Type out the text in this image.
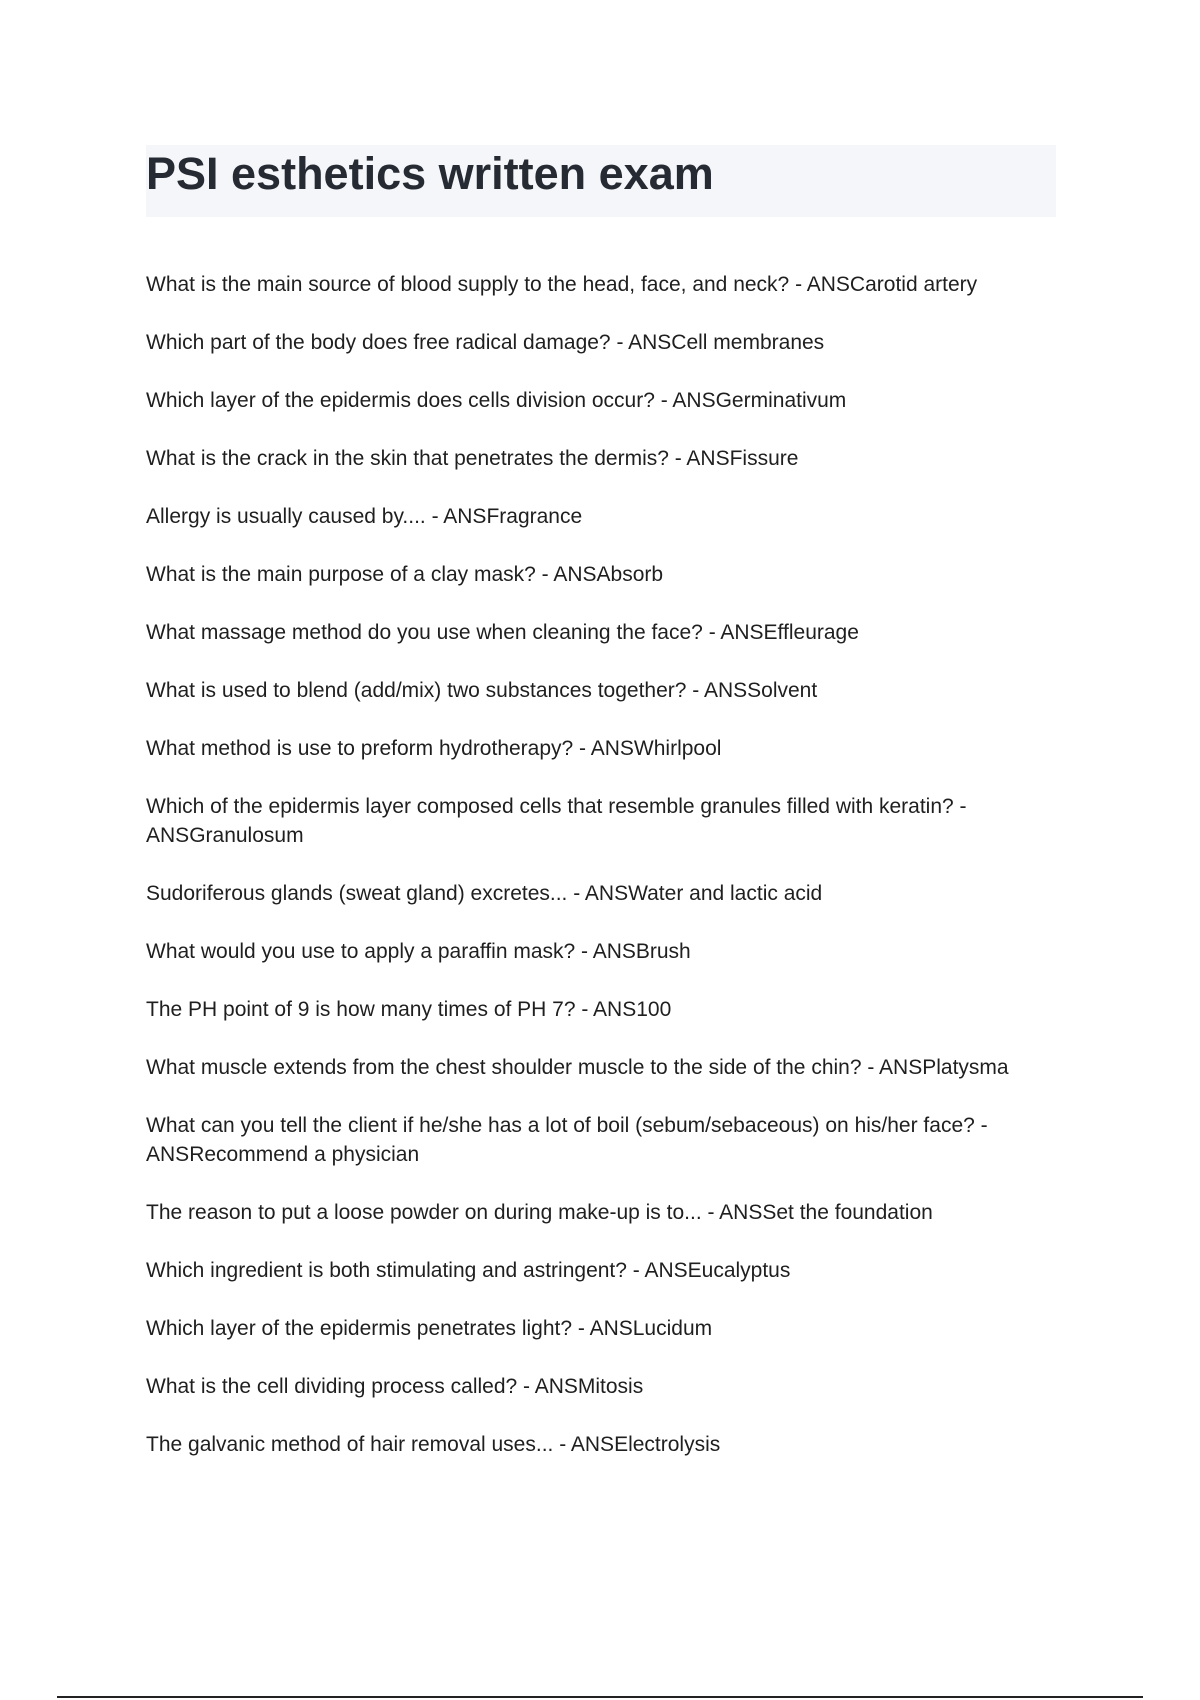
PSI esthetics written exam
What is the main source of blood supply to the head, face, and neck? - ANSCarotid artery
Which part of the body does free radical damage? - ANSCell membranes
Which layer of the epidermis does cells division occur? - ANSGerminativum
What is the crack in the skin that penetrates the dermis? - ANSFissure
Allergy is usually caused by.... - ANSFragrance
What is the main purpose of a clay mask? - ANSAbsorb
What massage method do you use when cleaning the face? - ANSEffleurage
What is used to blend (add/mix) two substances together? - ANSSolvent
What method is use to preform hydrotherapy? - ANSWhirlpool
Which of the epidermis layer composed cells that resemble granules filled with keratin? - ANSGranulosum
Sudoriferous glands (sweat gland) excretes... - ANSWater and lactic acid
What would you use to apply a paraffin mask? - ANSBrush
The PH point of 9 is how many times of PH 7? - ANS100
What muscle extends from the chest shoulder muscle to the side of the chin? - ANSPlatysma
What can you tell the client if he/she has a lot of boil (sebum/sebaceous) on his/her face? - ANSRecommend a physician
The reason to put a loose powder on during make-up is to... - ANSSet the foundation
Which ingredient is both stimulating and astringent? - ANSEucalyptus
Which layer of the epidermis penetrates light? - ANSLucidum
What is the cell dividing process called? - ANSMitosis
The galvanic method of hair removal uses... - ANSElectrolysis
